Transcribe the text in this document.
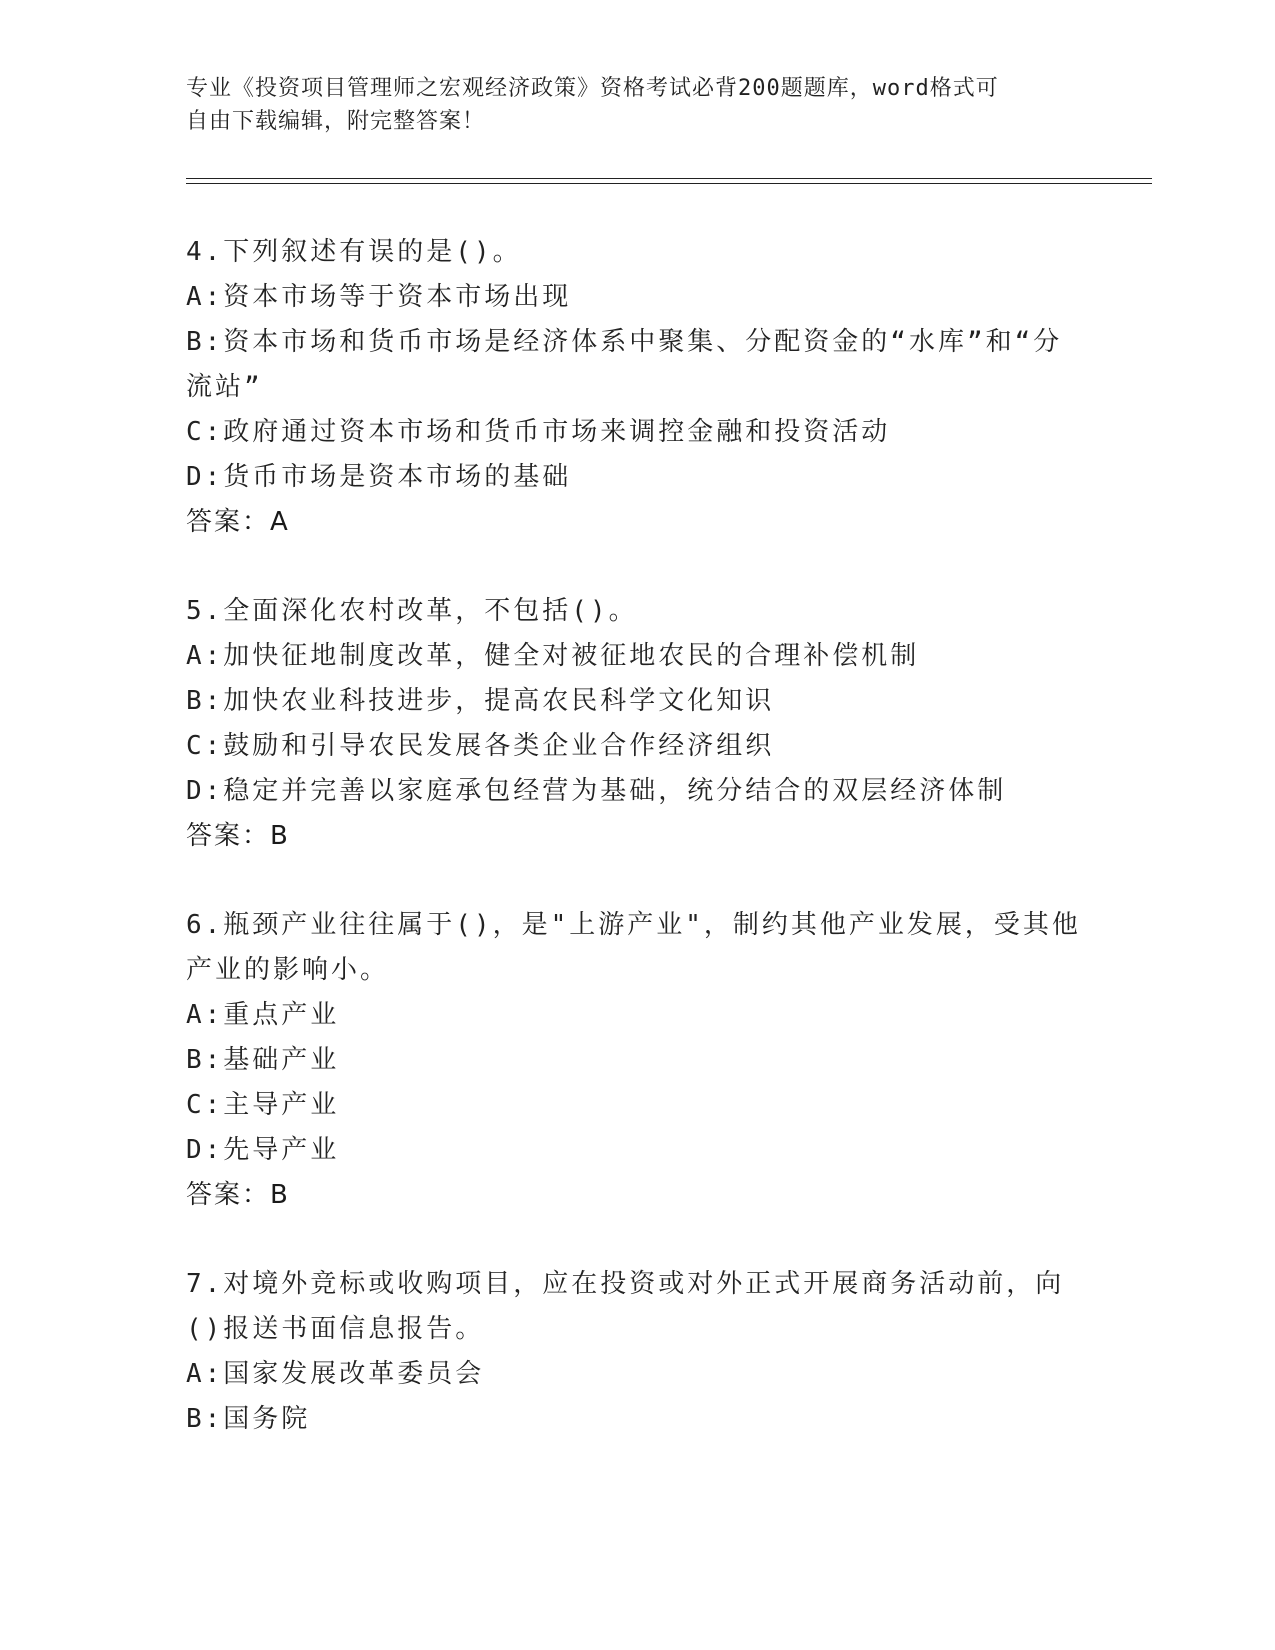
专业《投资项目管理师之宏观经济政策》资格考试必背200题题库，word格式可
自由下载编辑，附完整答案！
4.下列叙述有误的是()。
A:资本市场等于资本市场出现
B:资本市场和货币市场是经济体系中聚集、分配资金的“水库”和“分流站”
C:政府通过资本市场和货币市场来调控金融和投资活动
D:货币市场是资本市场的基础
答案：A
5.全面深化农村改革，不包括()。
A:加快征地制度改革，健全对被征地农民的合理补偿机制
B:加快农业科技进步，提高农民科学文化知识
C:鼓励和引导农民发展各类企业合作经济组织
D:稳定并完善以家庭承包经营为基础，统分结合的双层经济体制
答案：B
6.瓶颈产业往往属于()，是"上游产业"，制约其他产业发展，受其他产业的影响小。
A:重点产业
B:基础产业
C:主导产业
D:先导产业
答案：B
7.对境外竞标或收购项目，应在投资或对外正式开展商务活动前，向()报送书面信息报告。
A:国家发展改革委员会
B:国务院
